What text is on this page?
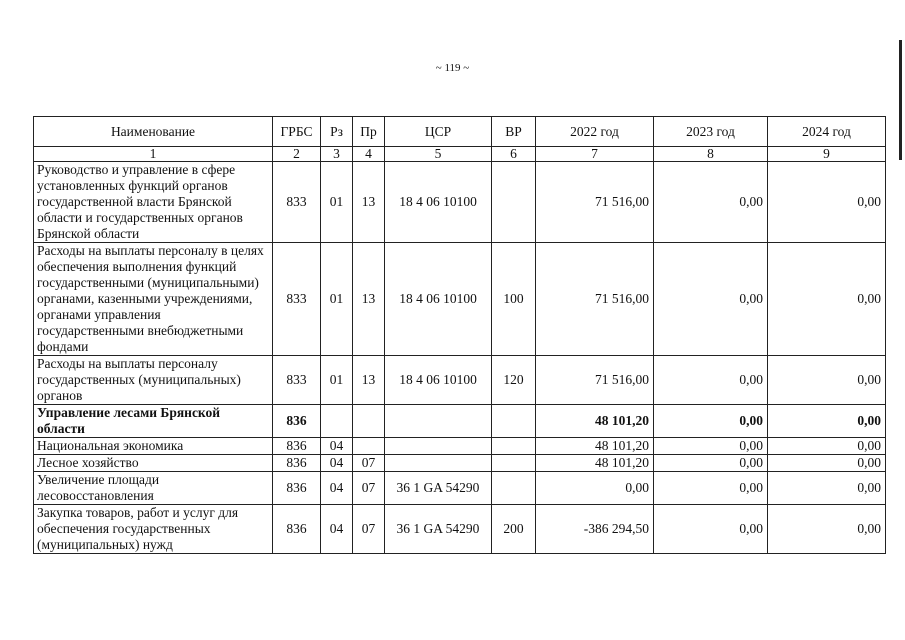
~ 119 ~
Наименование	ГРБС	Рз	Пр	ЦСР	ВР	2022 год	2023 год	2024 год
1	2	3	4	5	6	7	8	9
Руководство и управление в сфере установленных функций органов государственной власти Брянской области и государственных органов Брянской области	833	01	13	18 4 06 10100		71 516,00	0,00	0,00
Расходы на выплаты персоналу в целях обеспечения выполнения функций государственными (муниципальными) органами, казенными учреждениями, органами управления государственными внебюджетными фондами	833	01	13	18 4 06 10100	100	71 516,00	0,00	0,00
Расходы на выплаты персоналу государственных (муниципальных) органов	833	01	13	18 4 06 10100	120	71 516,00	0,00	0,00
Управление лесами Брянской области	836					48 101,20	0,00	0,00
Национальная экономика	836	04				48 101,20	0,00	0,00
Лесное хозяйство	836	04	07			48 101,20	0,00	0,00
Увеличение площади лесовосстановления	836	04	07	36 1 GA 54290		0,00	0,00	0,00
Закупка товаров, работ и услуг для обеспечения государственных (муниципальных) нужд	836	04	07	36 1 GA 54290	200	-386 294,50	0,00	0,00
